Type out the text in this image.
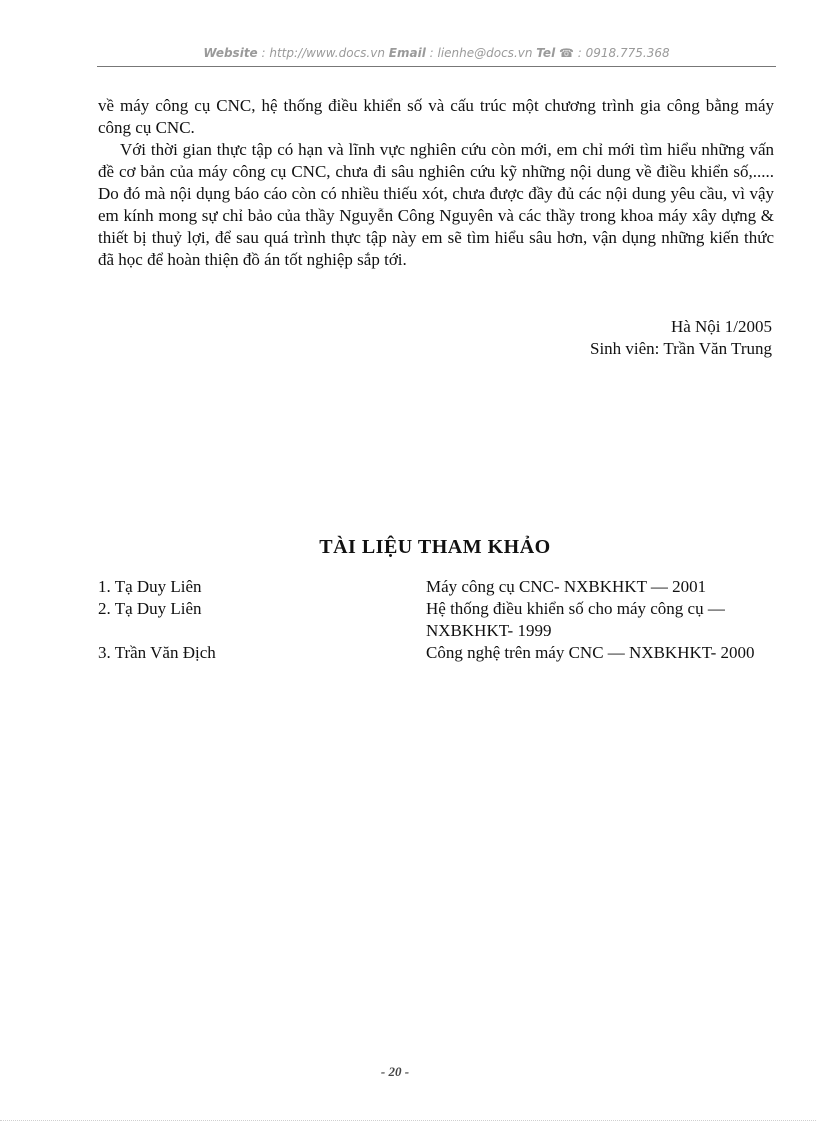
Website : http://www.docs.vn Email : lienhe@docs.vn Tel ☎ : 0918.775.368

về máy công cụ CNC, hệ thống điều khiển số và cấu trúc một chương trình gia công bằng máy công cụ CNC.

Với thời gian thực tập có hạn và lĩnh vực nghiên cứu còn mới, em chỉ mới tìm hiểu những vấn đề cơ bản của máy công cụ CNC, chưa đi sâu nghiên cứu kỹ những nội dung về điều khiển số,..... Do đó mà nội dụng báo cáo còn có nhiều thiếu xót, chưa được đầy đủ các nội dung yêu cầu, vì vậy em kính mong sự chỉ bảo của thầy Nguyễn Công Nguyên và các thầy trong khoa máy xây dựng & thiết bị thuỷ lợi, để sau quá trình thực tập này em sẽ tìm hiểu sâu hơn, vận dụng những kiến thức đã học để hoàn thiện đồ án tốt nghiệp sắp tới.

Hà Nội 1/2005
Sinh viên: Trần Văn Trung
TÀI LIỆU THAM KHẢO
1. Tạ Duy Liên	Máy công cụ CNC- NXBKHKT — 2001
2. Tạ Duy Liên	Hệ thống điều khiển số cho máy công cụ — NXBKHKT- 1999
3. Trần Văn Địch	Công nghệ trên máy CNC — NXBKHKT- 2000
- 20 -
